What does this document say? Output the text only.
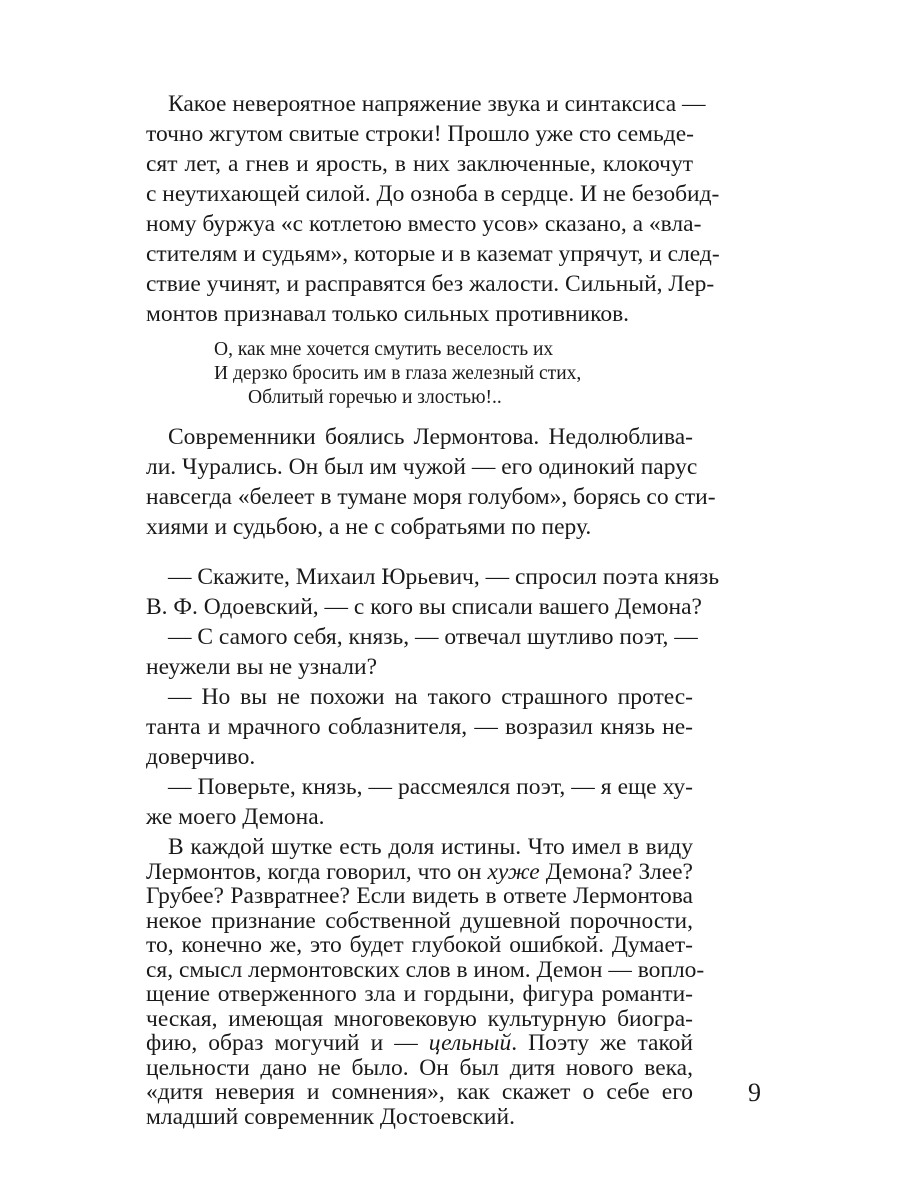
Какое невероятное напряжение звука и синтаксиса —
точно жгутом свитые строки! Прошло уже сто семьде-
сят лет, а гнев и ярость, в них заключенные, клокочут
с неутихающей силой. До озноба в сердце. И не безобид-
ному буржуа «с котлетою вместо усов» сказано, а «вла-
стителям и судьям», которые и в каземат упрячут, и след-
ствие учинят, и расправятся без жалости. Сильный, Лер-
монтов признавал только сильных противников.
О, как мне хочется смутить веселость их
И дерзко бросить им в глаза железный стих,
Облитый горечью и злостью!..
Современники боялись Лермонтова. Недолюблива-
ли. Чурались. Он был им чужой — его одинокий парус
навсегда «белеет в тумане моря голубом», борясь со сти-
хиями и судьбою, а не с собратьями по перу.
— Скажите, Михаил Юрьевич, — спросил поэта князь
В. Ф. Одоевский, — с кого вы списали вашего Демона?
— С самого себя, князь, — отвечал шутливо поэт, —
неужели вы не узнали?
— Но вы не похожи на такого страшного протес-
танта и мрачного соблазнителя, — возразил князь не-
доверчиво.
— Поверьте, князь, — рассмеялся поэт, — я еще ху-
же моего Демона.
В каждой шутке есть доля истины. Что имел в виду
Лермонтов, когда говорил, что он хуже Демона? Злее?
Грубее? Развратнее? Если видеть в ответе Лермонтова
некое признание собственной душевной порочности,
то, конечно же, это будет глубокой ошибкой. Думает-
ся, смысл лермонтовских слов в ином. Демон — вопло-
щение отверженного зла и гордыни, фигура романти-
ческая, имеющая многовековую культурную биогра-
фию, образ могучий и — цельный. Поэту же такой
цельности дано не было. Он был дитя нового века,
«дитя неверия и сомнения», как скажет о себе его
младший современник Достоевский.
9
